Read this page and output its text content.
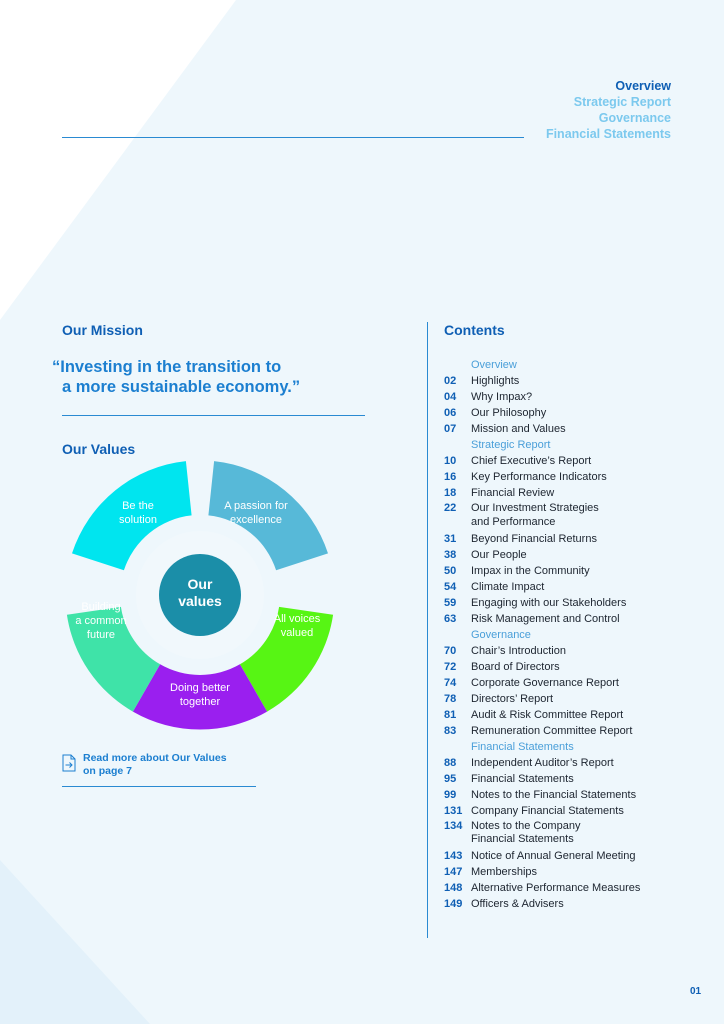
Overview
Strategic Report
Governance
Financial Statements
Our Mission
“Investing in the transition to
a more sustainable economy.”
Our Values
Our
values
Be the
solution
A passion for
excellence
All voices
valued
Doing better
together
Building
a common
future
Read more about Our Values
on page 7
Contents
Overview
02	Highlights
04	Why Impax?
06	Our Philosophy
07	Mission and Values
Strategic Report
10	Chief Executive’s Report
16	Key Performance Indicators
18	Financial Review
22	Our Investment Strategies
and Performance
31	Beyond Financial Returns
38	Our People
50	Impax in the Community
54	Climate Impact
59	Engaging with our Stakeholders
63	Risk Management and Control
Governance
70	Chair’s Introduction
72	Board of Directors
74	Corporate Governance Report
78	Directors’ Report
81	Audit & Risk Committee Report
83	Remuneration Committee Report
Financial Statements
88	Independent Auditor’s Report
95	Financial Statements
99	Notes to the Financial Statements
131 Company Financial Statements
134 Notes to the Company
Financial Statements
143 Notice of Annual General Meeting
147 Memberships
148 Alternative Performance Measures
149 Officers & Advisers
01
